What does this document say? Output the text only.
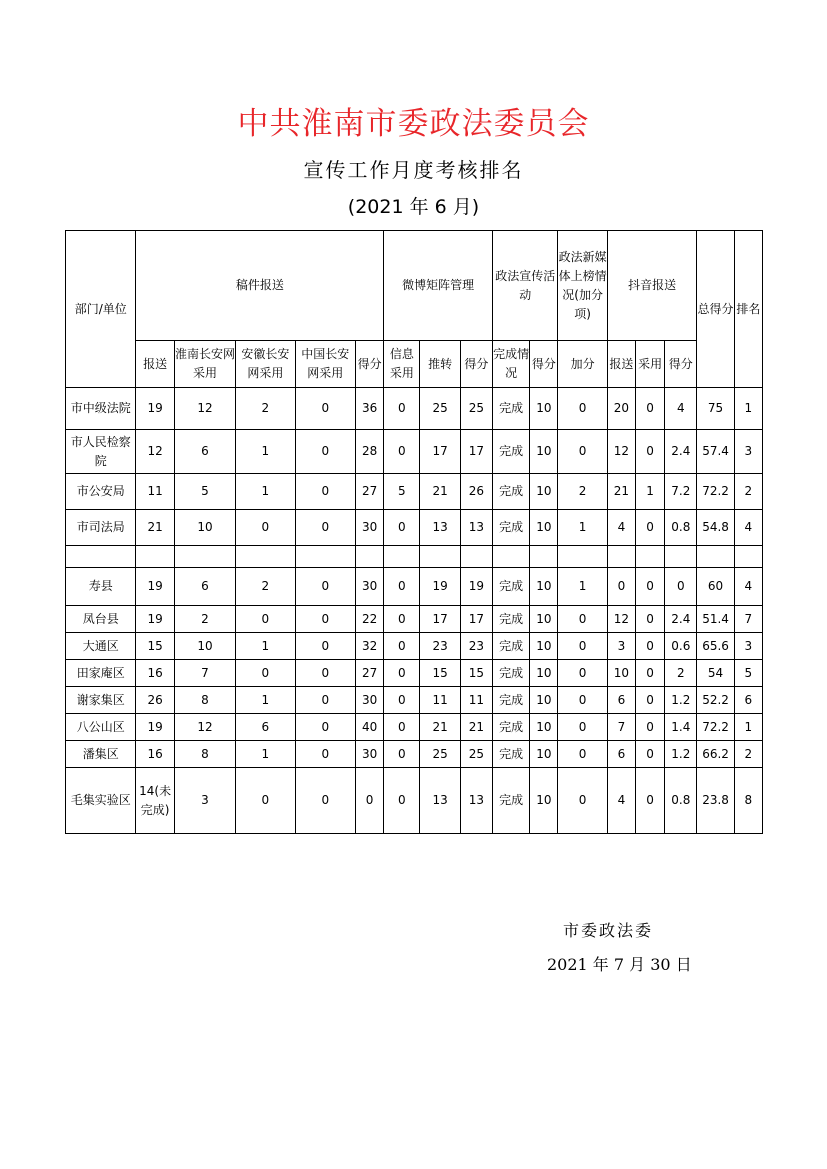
中共淮南市委政法委员会
宣传工作月度考核排名
(2021 年 6 月)
部门/单位	稿件报送					微博矩阵管理			政法宣传活动		政法新媒体上榜情况(加分项)	抖音报送			总得分	排名
	报送	淮南长安网采用	安徽长安网采用	中国长安网采用	得分	信息采用	推转	得分	完成情况	得分	加分	报送	采用	得分		
市中级法院	19	12	2	0	36	0	25	25	完成	10	0	20	0	4	75	1
市人民检察院	12	6	1	0	28	0	17	17	完成	10	0	12	0	2.4	57.4	3
市公安局	11	5	1	0	27	5	21	26	完成	10	2	21	1	7.2	72.2	2
市司法局	21	10	0	0	30	0	13	13	完成	10	1	4	0	0.8	54.8	4

寿县	19	6	2	0	30	0	19	19	完成	10	1	0	0	0	60	4
凤台县	19	2	0	0	22	0	17	17	完成	10	0	12	0	2.4	51.4	7
大通区	15	10	1	0	32	0	23	23	完成	10	0	3	0	0.6	65.6	3
田家庵区	16	7	0	0	27	0	15	15	完成	10	0	10	0	2	54	5
谢家集区	26	8	1	0	30	0	11	11	完成	10	0	6	0	1.2	52.2	6
八公山区	19	12	6	0	40	0	21	21	完成	10	0	7	0	1.4	72.2	1
潘集区	16	8	1	0	30	0	25	25	完成	10	0	6	0	1.2	66.2	2
毛集实验区	14(未完成)	3	0	0	0	0	13	13	完成	10	0	4	0	0.8	23.8	8
市委政法委
2021 年 7 月 30 日
